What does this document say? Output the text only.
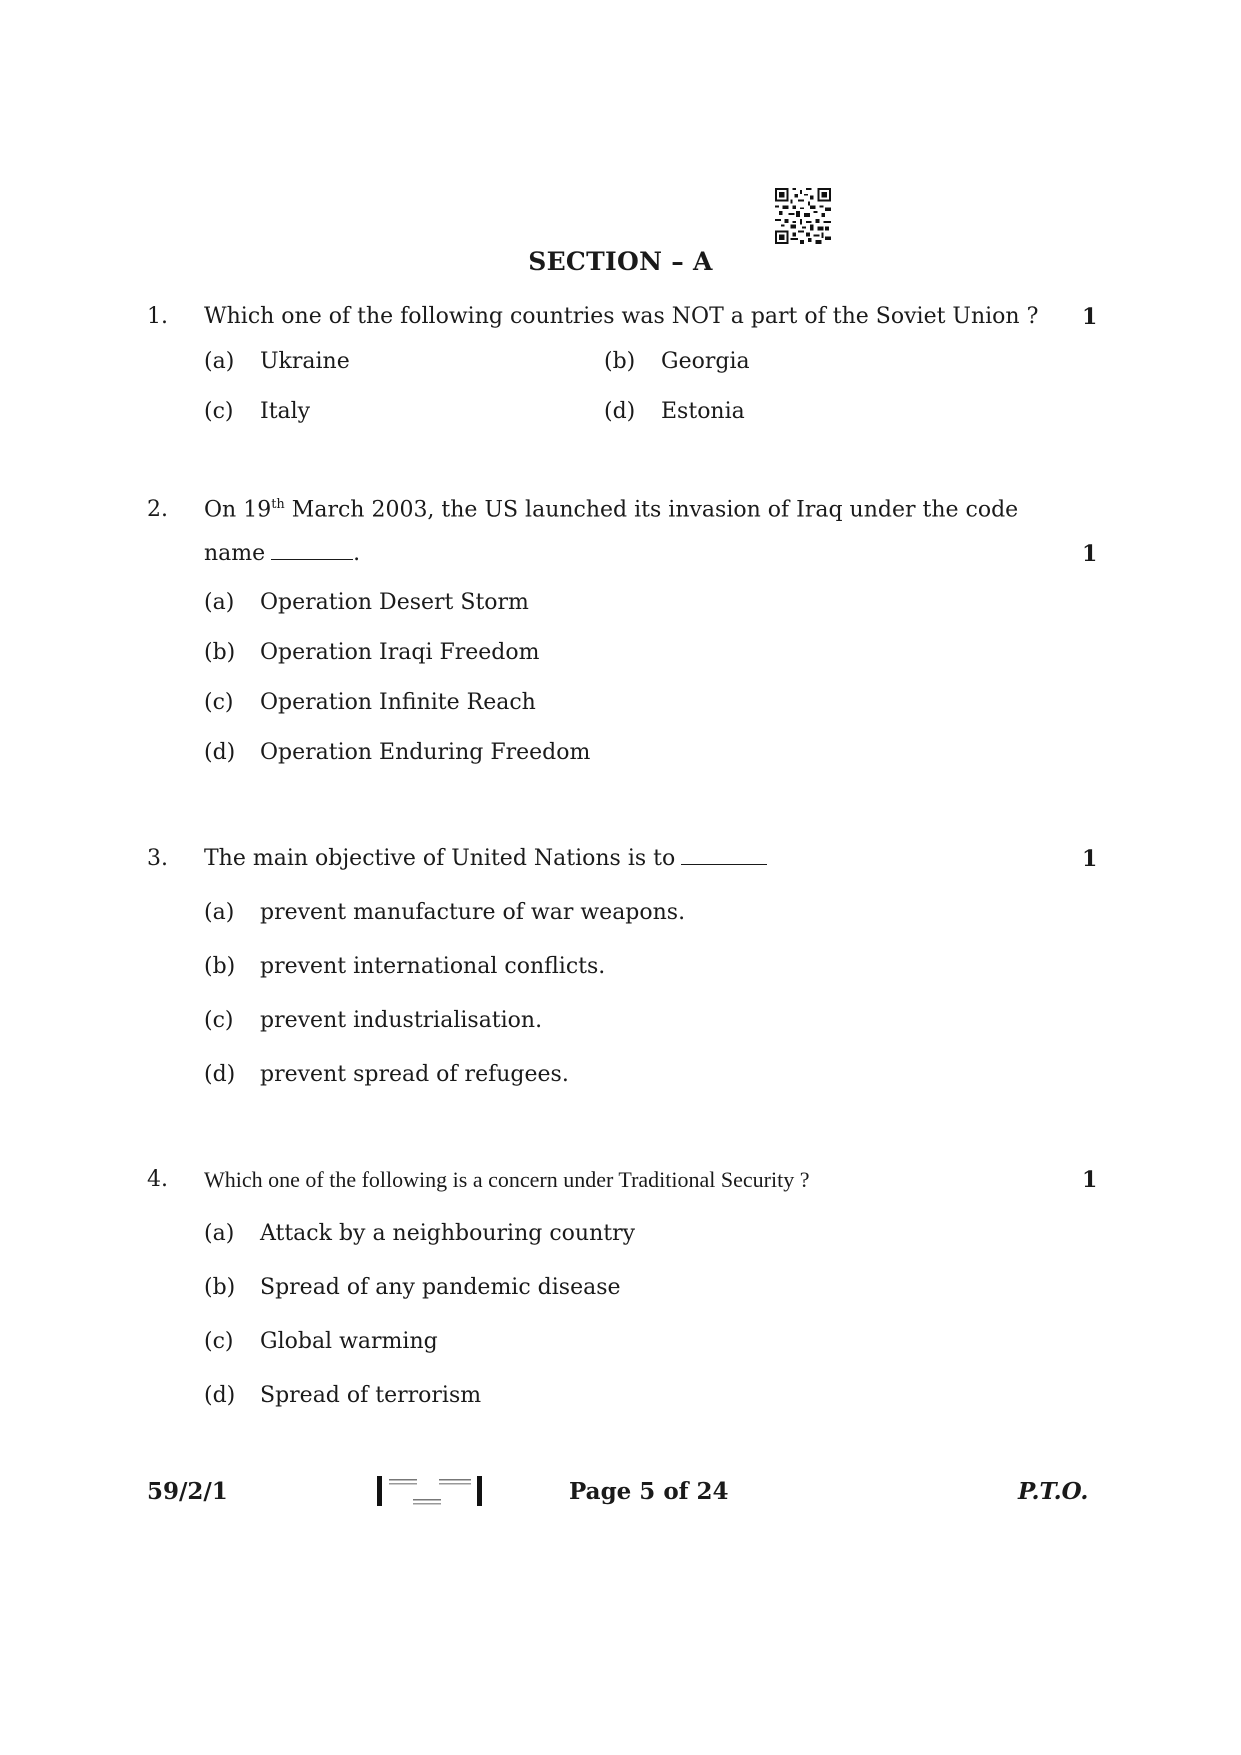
SECTION – A
1. Which one of the following countries was NOT a part of the Soviet Union ? 1
(a) Ukraine	(b) Georgia
(c) Italy	(d) Estonia
2. On 19th March 2003, the US launched its invasion of Iraq under the code
name	.	1
(a) Operation Desert Storm
(b) Operation Iraqi Freedom
(c) Operation Infinite Reach
(d) Operation Enduring Freedom
3. The main objective of United Nations is to	1
(a) prevent manufacture of war weapons.
(b) prevent international conflicts.
(c) prevent industrialisation.
(d) prevent spread of refugees.
4. Which one of the following is a concern under Traditional Security ?	1
(a) Attack by a neighbouring country
(b) Spread of any pandemic disease
(c) Global warming
(d) Spread of terrorism
59/2/1	Page 5 of 24	P.T.O.
